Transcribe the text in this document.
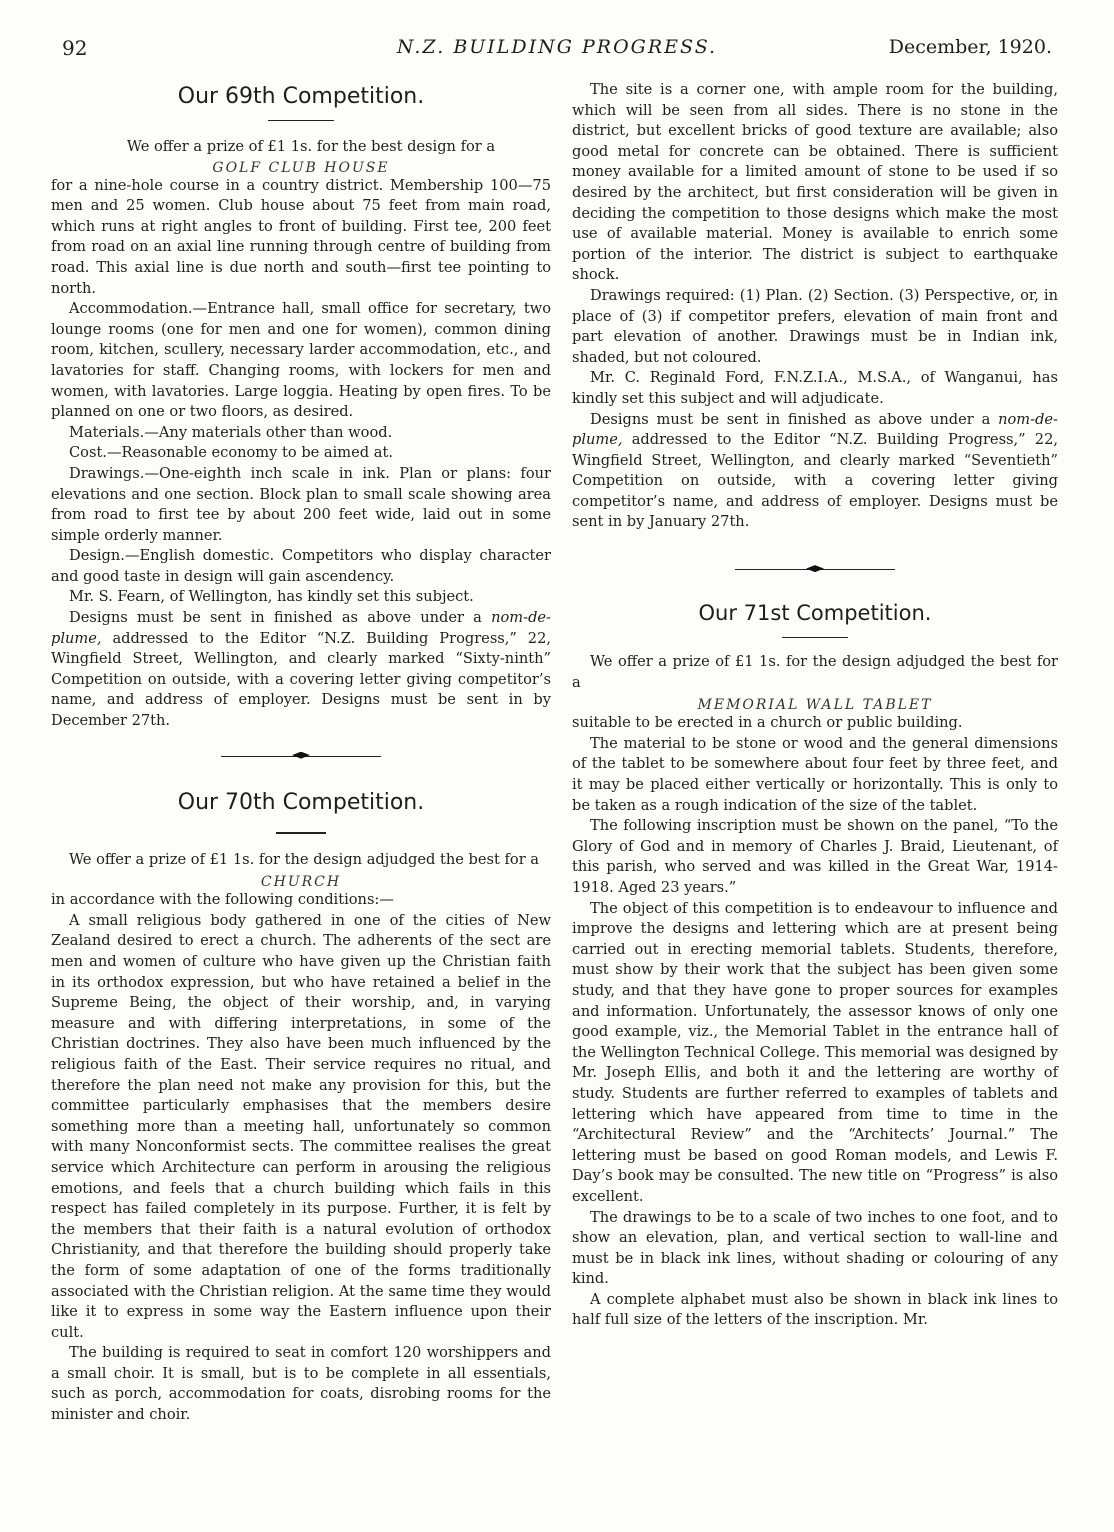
92	N.Z. BUILDING PROGRESS.	December, 1920.
Our 69th Competition.

We offer a prize of £1 1s. for the best design for a

GOLF CLUB HOUSE

for a nine-hole course in a country district. Membership 100—75 men and 25 women. Club house about 75 feet from main road, which runs at right angles to front of building. First tee, 200 feet from road on an axial line running through centre of building from road. This axial line is due north and south—first tee pointing to north.

Accommodation.—Entrance hall, small office for secretary, two lounge rooms (one for men and one for women), common dining room, kitchen, scullery, necessary larder accommodation, etc., and lavatories for staff. Changing rooms, with lockers for men and women, with lavatories. Large loggia. Heating by open fires. To be planned on one or two floors, as desired.

Materials.—Any materials other than wood.

Cost.—Reasonable economy to be aimed at.

Drawings.—One-eighth inch scale in ink. Plan or plans: four elevations and one section. Block plan to small scale showing area from road to first tee by about 200 feet wide, laid out in some simple orderly manner.

Design.—English domestic. Competitors who display character and good taste in design will gain ascendency.

Mr. S. Fearn, of Wellington, has kindly set this subject.

Designs must be sent in finished as above under a nom-de-plume, addressed to the Editor “N.Z. Building Progress,” 22, Wingfield Street, Wellington, and clearly marked “Sixty-ninth” Competition on outside, with a covering letter giving competitor’s name, and address of employer. Designs must be sent in by December 27th.

Our 70th Competition.

We offer a prize of £1 1s. for the design adjudged the best for a

CHURCH

in accordance with the following conditions:—

A small religious body gathered in one of the cities of New Zealand desired to erect a church. The adherents of the sect are men and women of culture who have given up the Christian faith in its orthodox expression, but who have retained a belief in the Supreme Being, the object of their worship, and, in varying measure and with differing interpretations, in some of the Christian doctrines. They also have been much influenced by the religious faith of the East. Their service requires no ritual, and therefore the plan need not make any provision for this, but the committee particularly emphasises that the members desire something more than a meeting hall, unfortunately so common with many Nonconformist sects. The committee realises the great service which Architecture can perform in arousing the religious emotions, and feels that a church building which fails in this respect has failed completely in its purpose. Further, it is felt by the members that their faith is a natural evolution of orthodox Christianity, and that therefore the building should properly take the form of some adaptation of one of the forms traditionally associated with the Christian religion. At the same time they would like it to express in some way the Eastern influence upon their cult.

The building is required to seat in comfort 120 worshippers and a small choir. It is small, but is to be complete in all essentials, such as porch, accommodation for coats, disrobing rooms for the minister and choir.

The site is a corner one, with ample room for the building, which will be seen from all sides. There is no stone in the district, but excellent bricks of good texture are available; also good metal for concrete can be obtained. There is sufficient money available for a limited amount of stone to be used if so desired by the architect, but first consideration will be given in deciding the competition to those designs which make the most use of available material. Money is available to enrich some portion of the interior. The district is subject to earthquake shock.

Drawings required: (1) Plan. (2) Section. (3) Perspective, or, in place of (3) if competitor prefers, elevation of main front and part elevation of another. Drawings must be in Indian ink, shaded, but not coloured.

Mr. C. Reginald Ford, F.N.Z.I.A., M.S.A., of Wanganui, has kindly set this subject and will adjudicate.

Designs must be sent in finished as above under a nom-de-plume, addressed to the Editor “N.Z. Building Progress,” 22, Wingfield Street, Wellington, and clearly marked “Seventieth” Competition on outside, with a covering letter giving competitor’s name, and address of employer. Designs must be sent in by January 27th.

Our 71st Competition.

We offer a prize of £1 1s. for the design adjudged the best for a

MEMORIAL WALL TABLET

suitable to be erected in a church or public building.

The material to be stone or wood and the general dimensions of the tablet to be somewhere about four feet by three feet, and it may be placed either vertically or horizontally. This is only to be taken as a rough indication of the size of the tablet.

The following inscription must be shown on the panel, “To the Glory of God and in memory of Charles J. Braid, Lieutenant, of this parish, who served and was killed in the Great War, 1914-1918. Aged 23 years.”

The object of this competition is to endeavour to influence and improve the designs and lettering which are at present being carried out in erecting memorial tablets. Students, therefore, must show by their work that the subject has been given some study, and that they have gone to proper sources for examples and information. Unfortunately, the assessor knows of only one good example, viz., the Memorial Tablet in the entrance hall of the Wellington Technical College. This memorial was designed by Mr. Joseph Ellis, and both it and the lettering are worthy of study. Students are further referred to examples of tablets and lettering which have appeared from time to time in the “Architectural Review” and the “Architects’ Journal.” The lettering must be based on good Roman models, and Lewis F. Day’s book may be consulted. The new title on “Progress” is also excellent.

The drawings to be to a scale of two inches to one foot, and to show an elevation, plan, and vertical section to wall-line and must be in black ink lines, without shading or colouring of any kind.

A complete alphabet must also be shown in black ink lines to half full size of the letters of the inscription. Mr.
